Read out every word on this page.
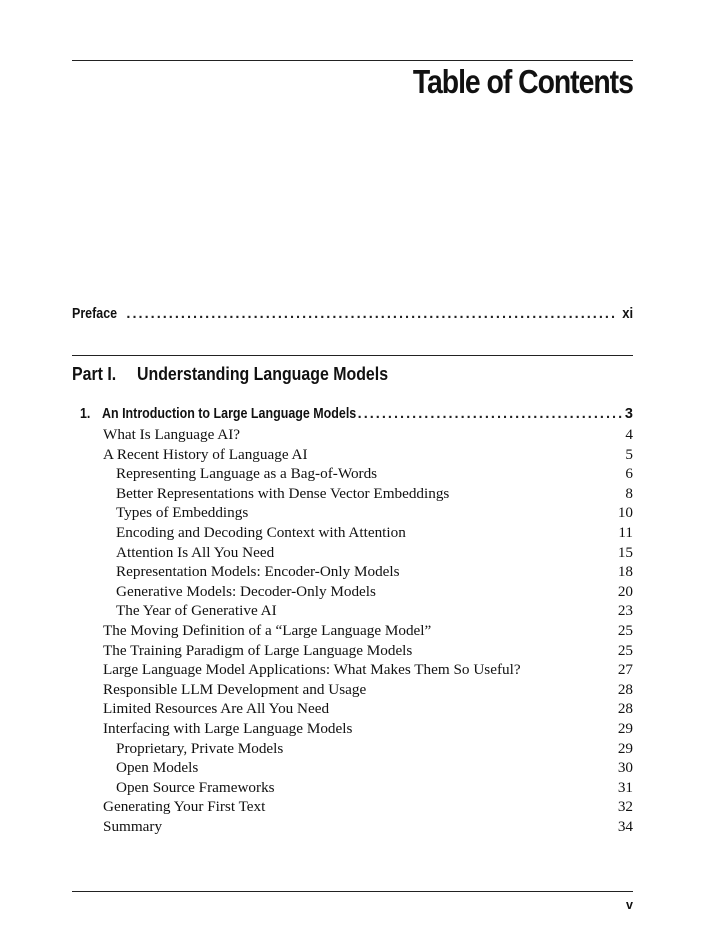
Table of Contents
Preface . . .	xi
Part I.	Understanding Language Models
1. An Introduction to Large Language Models . . .	3
What Is Language AI?	4
A Recent History of Language AI	5
Representing Language as a Bag-of-Words	6
Better Representations with Dense Vector Embeddings	8
Types of Embeddings	10
Encoding and Decoding Context with Attention	11
Attention Is All You Need	15
Representation Models: Encoder-Only Models	18
Generative Models: Decoder-Only Models	20
The Year of Generative AI	23
The Moving Definition of a “Large Language Model”	25
The Training Paradigm of Large Language Models	25
Large Language Model Applications: What Makes Them So Useful?	27
Responsible LLM Development and Usage	28
Limited Resources Are All You Need	28
Interfacing with Large Language Models	29
Proprietary, Private Models	29
Open Models	30
Open Source Frameworks	31
Generating Your First Text	32
Summary	34
v
